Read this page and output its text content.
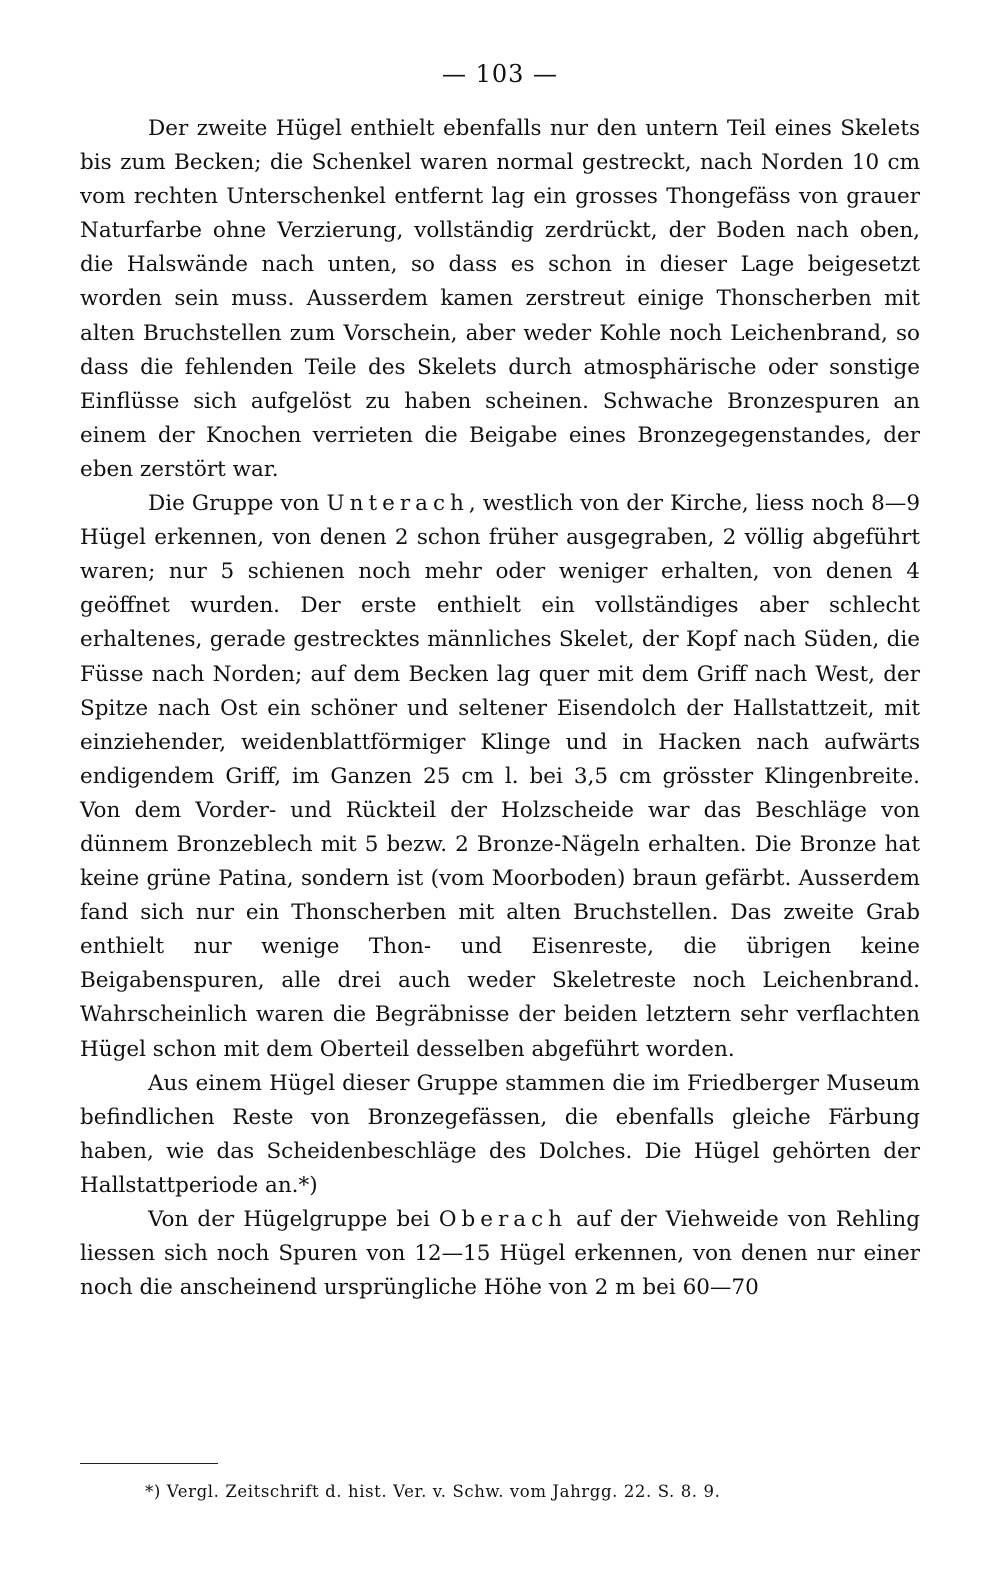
— 103 —

Der zweite Hügel enthielt ebenfalls nur den untern Teil eines Skelets bis zum Becken; die Schenkel waren normal gestreckt, nach Norden 10 cm vom rechten Unterschenkel entfernt lag ein grosses Thongefäss von grauer Naturfarbe ohne Verzierung, vollständig zerdrückt, der Boden nach oben, die Halswände nach unten, so dass es schon in dieser Lage beigesetzt worden sein muss. Ausserdem kamen zerstreut einige Thonscherben mit alten Bruchstellen zum Vorschein, aber weder Kohle noch Leichenbrand, so dass die fehlenden Teile des Skelets durch atmosphärische oder sonstige Einflüsse sich aufgelöst zu haben scheinen. Schwache Bronzespuren an einem der Knochen verrieten die Beigabe eines Bronzegegenstandes, der eben zerstört war.

Die Gruppe von Unterach, westlich von der Kirche, liess noch 8—9 Hügel erkennen, von denen 2 schon früher ausgegraben, 2 völlig abgeführt waren; nur 5 schienen noch mehr oder weniger erhalten, von denen 4 geöffnet wurden. Der erste enthielt ein vollständiges aber schlecht erhaltenes, gerade gestrecktes männliches Skelet, der Kopf nach Süden, die Füsse nach Norden; auf dem Becken lag quer mit dem Griff nach West, der Spitze nach Ost ein schöner und seltener Eisendolch der Hallstattzeit, mit einziehender, weidenblattförmiger Klinge und in Hacken nach aufwärts endigendem Griff, im Ganzen 25 cm l. bei 3,5 cm grösster Klingenbreite. Von dem Vorder- und Rückteil der Holzscheide war das Beschläge von dünnem Bronzeblech mit 5 bezw. 2 Bronze-Nägeln erhalten. Die Bronze hat keine grüne Patina, sondern ist (vom Moorboden) braun gefärbt. Ausserdem fand sich nur ein Thonscherben mit alten Bruchstellen. Das zweite Grab enthielt nur wenige Thon- und Eisenreste, die übrigen keine Beigabenspuren, alle drei auch weder Skeletreste noch Leichenbrand. Wahrscheinlich waren die Begräbnisse der beiden letztern sehr verflachten Hügel schon mit dem Oberteil desselben abgeführt worden.

Aus einem Hügel dieser Gruppe stammen die im Friedberger Museum befindlichen Reste von Bronzegefässen, die ebenfalls gleiche Färbung haben, wie das Scheidenbeschläge des Dolches. Die Hügel gehörten der Hallstattperiode an.*)

Von der Hügelgruppe bei Oberach auf der Viehweide von Rehling liessen sich noch Spuren von 12—15 Hügel erkennen, von denen nur einer noch die anscheinend ursprüngliche Höhe von 2 m bei 60—70

*) Vergl. Zeitschrift d. hist. Ver. v. Schw. vom Jahrgg. 22. S. 8. 9.
